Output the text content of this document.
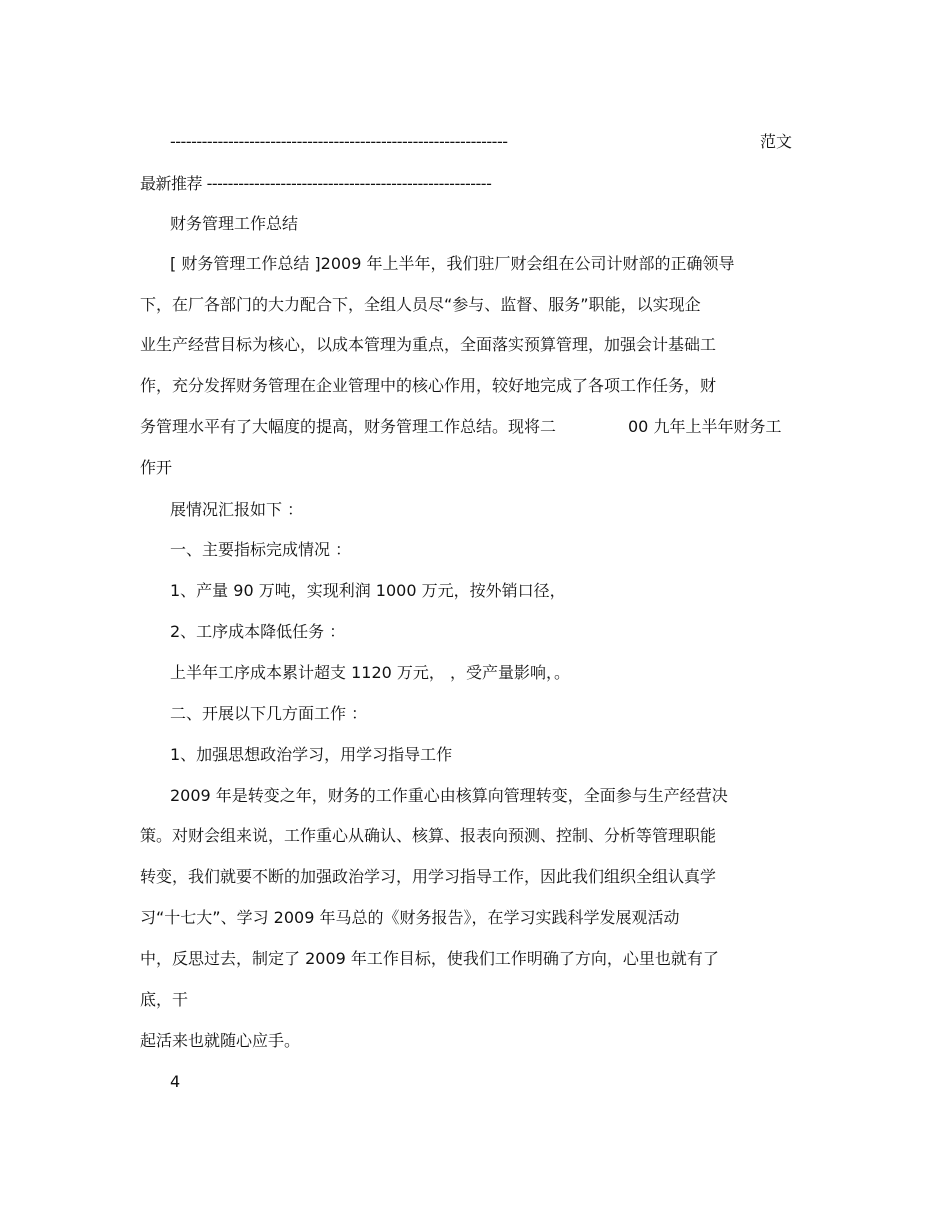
----------------------------------------------------------------

	范文

最新推荐 ------------------------------------------------------

财务管理工作总结

[ 财务管理工作总结 ]2009 年上半年，我们驻厂财会组在公司计财部的正确领导

下，在厂各部门的大力配合下，全组人员尽“参与、监督、服务”职能，以实现企

业生产经营目标为核心，以成本管理为重点，全面落实预算管理，加强会计基础工

作，充分发挥财务管理在企业管理中的核心作用，较好地完成了各项工作任务，财

务管理水平有了大幅度的提高，财务管理工作总结。现将二

	00 九年上半年财务工

作开

展情况汇报如下 ：

一、主要指标完成情况 ：

1、产量 90 万吨，实现利润 1000 万元，按外销口径，

2、工序成本降低任务 ：

上半年工序成本累计超支 1120 万元， ，受产量影响，。

二、开展以下几方面工作 ：

1、加强思想政治学习，用学习指导工作

2009 年是转变之年，财务的工作重心由核算向管理转变，全面参与生产经营决

策。对财会组来说，工作重心从确认、核算、报表向预测、控制、分析等管理职能

转变，我们就要不断的加强政治学习，用学习指导工作，因此我们组织全组认真学

习“十七大”、学习 2009 年马总的《财务报告》，在学习实践科学发展观活动

中，反思过去，制定了 2009 年工作目标，使我们工作明确了方向，心里也就有了

底，干

起活来也就随心应手。

4
